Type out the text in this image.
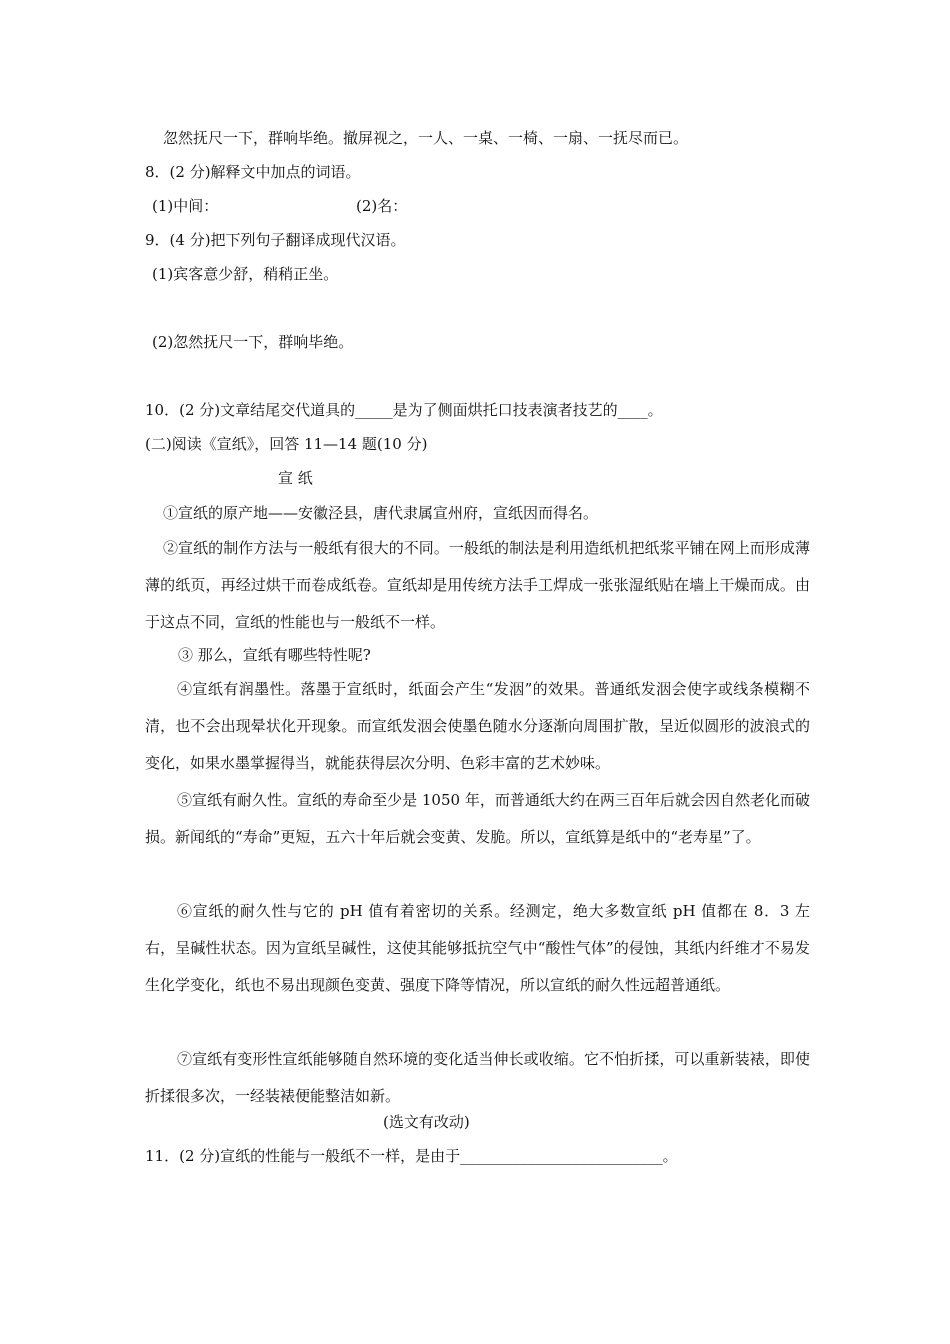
忽然抚尺一下，群响毕绝。撤屏视之，一人、一桌、一椅、一扇、一抚尽而已。
8．(2 分)解释文中加点的词语。
(1)中间：	(2)名：
9．(4 分)把下列句子翻译成现代汉语。
(1)宾客意少舒，稍稍正坐。
(2)忽然抚尺一下，群响毕绝。
10．(2 分)文章结尾交代道具的_____是为了侧面烘托口技表演者技艺的____。
(二)阅读《宣纸》，回答 11—14 题(10 分)
宣 纸
①宣纸的原产地——安徽泾县，唐代隶属宣州府，宣纸因而得名。
②宣纸的制作方法与一般纸有很大的不同。一般纸的制法是利用造纸机把纸浆平铺在网上而形成薄薄的纸页，再经过烘干而卷成纸卷。宣纸却是用传统方法手工焊成一张张湿纸贴在墙上干燥而成。由于这点不同，宣纸的性能也与一般纸不一样。
③ 那么，宣纸有哪些特性呢?
④宣纸有润墨性。落墨于宣纸时，纸面会产生“发洇”的效果。普通纸发洇会使字或线条模糊不清，也不会出现晕状化开现象。而宣纸发洇会使墨色随水分逐渐向周围扩散，呈近似圆形的波浪式的变化，如果水墨掌握得当，就能获得层次分明、色彩丰富的艺术妙味。
⑤宣纸有耐久性。宣纸的寿命至少是 1050 年，而普通纸大约在两三百年后就会因自然老化而破损。新闻纸的“寿命”更短，五六十年后就会变黄、发脆。所以，宣纸算是纸中的“老寿星”了。
⑥宣纸的耐久性与它的 pH 值有着密切的关系。经测定，绝大多数宣纸 pH 值都在 8．3 左右，呈碱性状态。因为宣纸呈碱性，这使其能够抵抗空气中“酸性气体”的侵蚀，其纸内纤维才不易发生化学变化，纸也不易出现颜色变黄、强度下降等情况，所以宣纸的耐久性远超普通纸。
⑦宣纸有变形性宣纸能够随自然环境的变化适当伸长或收缩。它不怕折揉，可以重新装裱，即使折揉很多次，一经装裱便能整洁如新。
(选文有改动)
11．(2 分)宣纸的性能与一般纸不一样，是由于___________________________。
